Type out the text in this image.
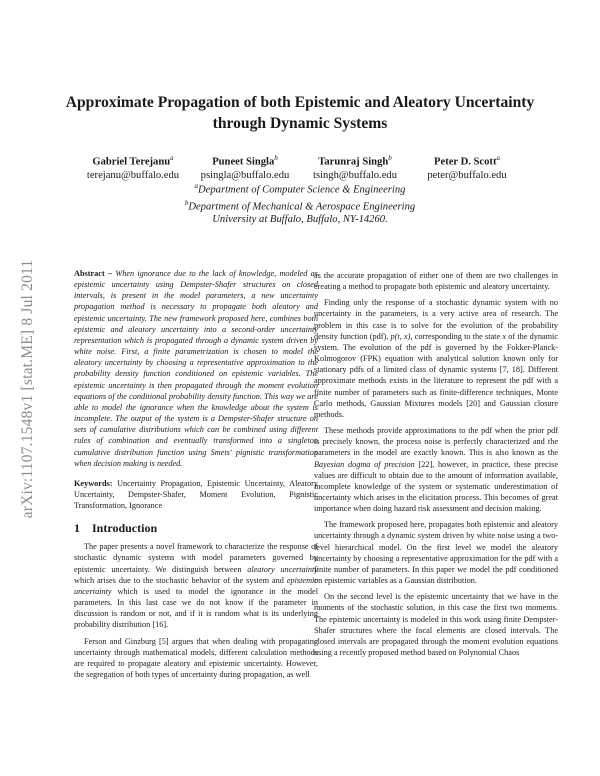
arXiv:1107.1548v1 [stat.ME] 8 Jul 2011
Approximate Propagation of both Epistemic and Aleatory Uncertainty through Dynamic Systems
Gabriel Terejanu$^a$
terejanu@buffalo.edu
Puneet Singla$^b$
psingla@buffalo.edu
Tarunraj Singh$^b$
tsingh@buffalo.edu
Peter D. Scott$^a$
peter@buffalo.edu
$^a$Department of Computer Science & Engineering
$^b$Department of Mechanical & Aerospace Engineering
University at Buffalo, Buffalo, NY-14260.

Abstract – When ignorance due to the lack of knowledge, modeled as epistemic uncertainty using Dempster-Shafer structures on closed intervals, is present in the model parameters, a new uncertainty propagation method is necessary to propagate both aleatory and epistemic uncertainty. The new framework proposed here, combines both epistemic and aleatory uncertainty into a second-order uncertainty representation which is propagated through a dynamic system driven by white noise. First, a finite parametrization is chosen to model the aleatory uncertainty by choosing a representative approximation to the probability density function conditioned on epistemic variables. The epistemic uncertainty is then propagated through the moment evolution equations of the conditional probability density function. This way we are able to model the ignorance when the knowledge about the system is incomplete. The output of the system is a Dempster-Shafer structure on sets of cumulative distributions which can be combined using different rules of combination and eventually transformed into a singleton cumulative distribution function using Smets' pignistic transformation when decision making is needed.

Keywords: Uncertainty Propagation, Epistemic Uncertainty, Aleatory Uncertainty, Dempster-Shafer, Moment Evolution, Pignistic Transformation, Ignorance

1 Introduction

The paper presents a novel framework to characterize the response of stochastic dynamic systems with model parameters governed by epistemic uncertainty. We distinguish between aleatory uncertainty which arises due to the stochastic behavior of the system and epistemic uncertainty which is used to model the ignorance in the model parameters. In this last case we do not know if the parameter in discussion is random or not, and if it is random what is its underlying probability distribution [16].

Ferson and Ginzburg [5] argues that when dealing with propagating uncertainty through mathematical models, different calculation methods are required to propagate aleatory and epistemic uncertainty. However, the segregation of both types of uncertainty during propagation, as well

as the accurate propagation of either one of them are two challenges in creating a method to propagate both epistemic and aleatory uncertainty.

Finding only the response of a stochastic dynamic system with no uncertainty in the parameters, is a very active area of research. The problem in this case is to solve for the evolution of the probability density function (pdf), p(t, x), corresponding to the state x of the dynamic system. The evolution of the pdf is governed by the Fokker-Planck-Kolmogorov (FPK) equation with analytical solution known only for stationary pdfs of a limited class of dynamic systems [7, 18]. Different approximate methods exists in the literature to represent the pdf with a finite number of parameters such as finite-difference techniques, Monte Carlo methods, Gaussian Mixtures models [20] and Gaussian closure methods.

These methods provide approximations to the pdf when the prior pdf is precisely known, the process noise is perfectly characterized and the parameters in the model are exactly known. This is also known as the Bayesian dogma of precision [22], however, in practice, these precise values are difficult to obtain due to the amount of information available, incomplete knowledge of the system or systematic underestimation of uncertainty which arises in the elicitation process. This becomes of great importance when doing hazard risk assessment and decision making.

The framework proposed here, propagates both epistemic and aleatory uncertainty through a dynamic system driven by white noise using a two-level hierarchical model. On the first level we model the aleatory uncertainty by choosing a representative approximation for the pdf with a finite number of parameters. In this paper we model the pdf conditioned on epistemic variables as a Gaussian distribution.

On the second level is the epistemic uncertainty that we have in the moments of the stochastic solution, in this case the first two moments. The epistemic uncertainty is modeled in this work using finite Dempster-Shafer structures where the focal elements are closed intervals. The closed intervals are propagated through the moment evolution equations using a recently proposed method based on Polynomial Chaos
